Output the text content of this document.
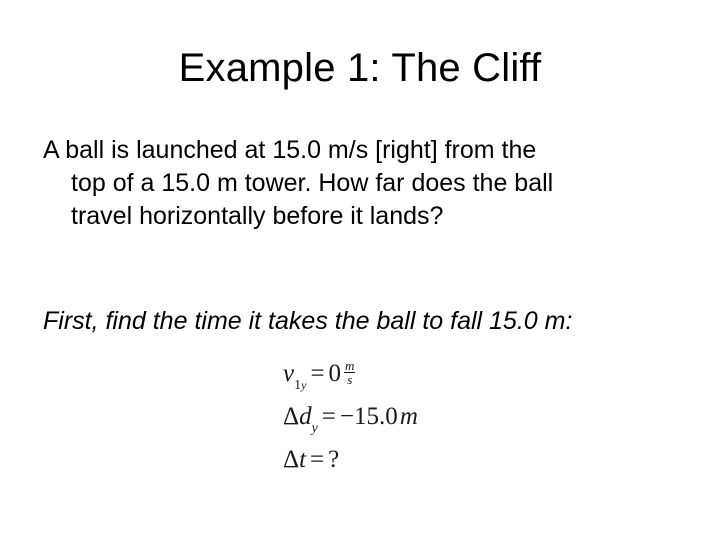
Example 1: The Cliff
A ball is launched at 15.0 m/s [right] from the
top of a 15.0 m tower. How far does the ball
travel horizontally before it lands?
First, find the time it takes the ball to fall 15.0 m:
$v_{1y} = 0 \frac{m}{s}$
$\Delta d_y = -15.0$ m
Δt = ?
